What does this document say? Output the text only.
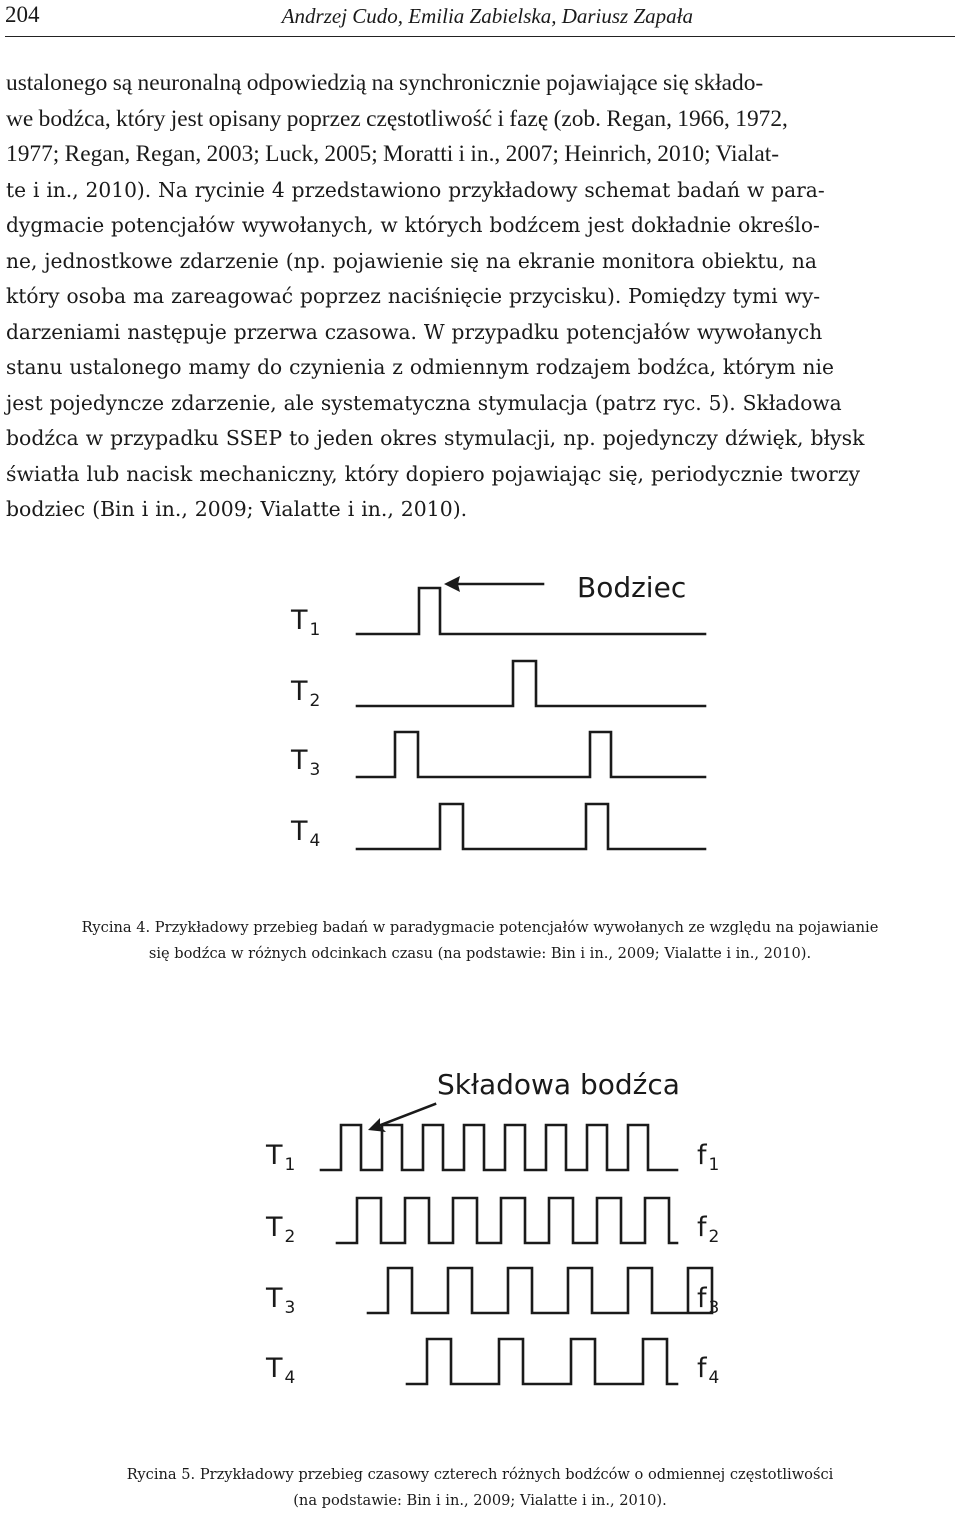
204	Andrzej Cudo, Emilia Zabielska, Dariusz Zapała

ustalonego są neuronalną odpowiedzią na synchronicznie pojawiające się składo-
we bodźca, który jest opisany poprzez częstotliwość i fazę (zob. Regan, 1966, 1972,
1977; Regan, Regan, 2003; Luck, 2005; Moratti i in., 2007; Heinrich, 2010; Vialat-
te i in., 2010). Na rycinie 4 przedstawiono przykładowy schemat badań w para-
dygmacie potencjałów wywołanych, w których bodźcem jest dokładnie określo-
ne, jednostkowe zdarzenie (np. pojawienie się na ekranie monitora obiektu, na
który osoba ma zareagować poprzez naciśnięcie przycisku). Pomiędzy tymi wy-
darzeniami następuje przerwa czasowa. W przypadku potencjałów wywołanych
stanu ustalonego mamy do czynienia z odmiennym rodzajem bodźca, którym nie
jest pojedyncze zdarzenie, ale systematyczna stymulacja (patrz ryc. 5). Składowa
bodźca w przypadku SSEP to jeden okres stymulacji, np. pojedynczy dźwięk, błysk
światła lub nacisk mechaniczny, który dopiero pojawiając się, periodycznie tworzy
bodziec (Bin i in., 2009; Vialatte i in., 2010).

Bodziec
T $_1$
T $_2$
T $_3$
T $_4$
Rycina 4. Przykładowy przebieg badań w paradygmacie potencjałów wywołanych ze względu na pojawianie
się bodźca w różnych odcinkach czasu (na podstawie: Bin i in., 2009; Vialatte i in., 2010).
Składowa bodźca
T $_1$
T $_2$
T $_3$
T $_4$
f $_1$
f $_2$
f $_3$
f $_4$
Rycina 5. Przykładowy przebieg czasowy czterech różnych bodźców o odmiennej częstotliwości
(na podstawie: Bin i in., 2009; Vialatte i in., 2010).
